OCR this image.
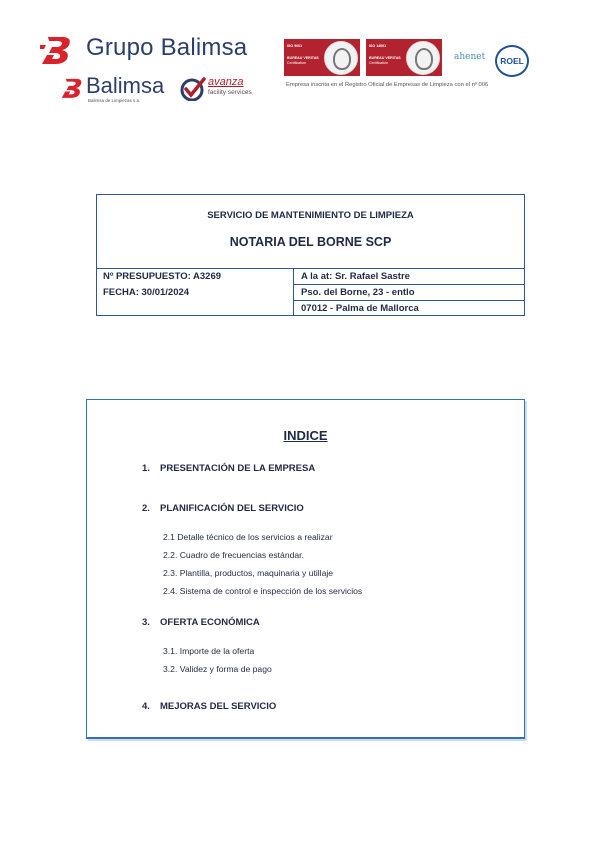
Grupo Balimsa
Balimsa
Balimsa de Limpiezas s.a.
avanza
facility services
ISO 9001
BUREAU VERITAS
Certification
ISO 14001
BUREAU VERITAS
Certification
ahenet	ROEL
Empresa inscrita en el Registro Oficial de Empresas de Limpieza con el nº 006
SERVICIO DE MANTENIMIENTO DE LIMPIEZA
NOTARIA DEL BORNE SCP
Nº PRESUPUESTO: A3269	A la at: Sr. Rafael Sastre
FECHA: 30/01/2024	Pso. del Borne, 23 - entlo
07012 - Palma de Mallorca
INDICE
1. PRESENTACIÓN DE LA EMPRESA
2. PLANIFICACIÓN DEL SERVICIO
2.1 Detalle técnico de los servicios a realizar
2.2. Cuadro de frecuencias estándar.
2.3. Plantilla, productos, maquinaria y utillaje
2.4. Sistema de control e inspección de los servicios
3. OFERTA ECONÓMICA
3.1. Importe de la oferta
3.2. Validez y forma de pago
4. MEJORAS DEL SERVICIO
